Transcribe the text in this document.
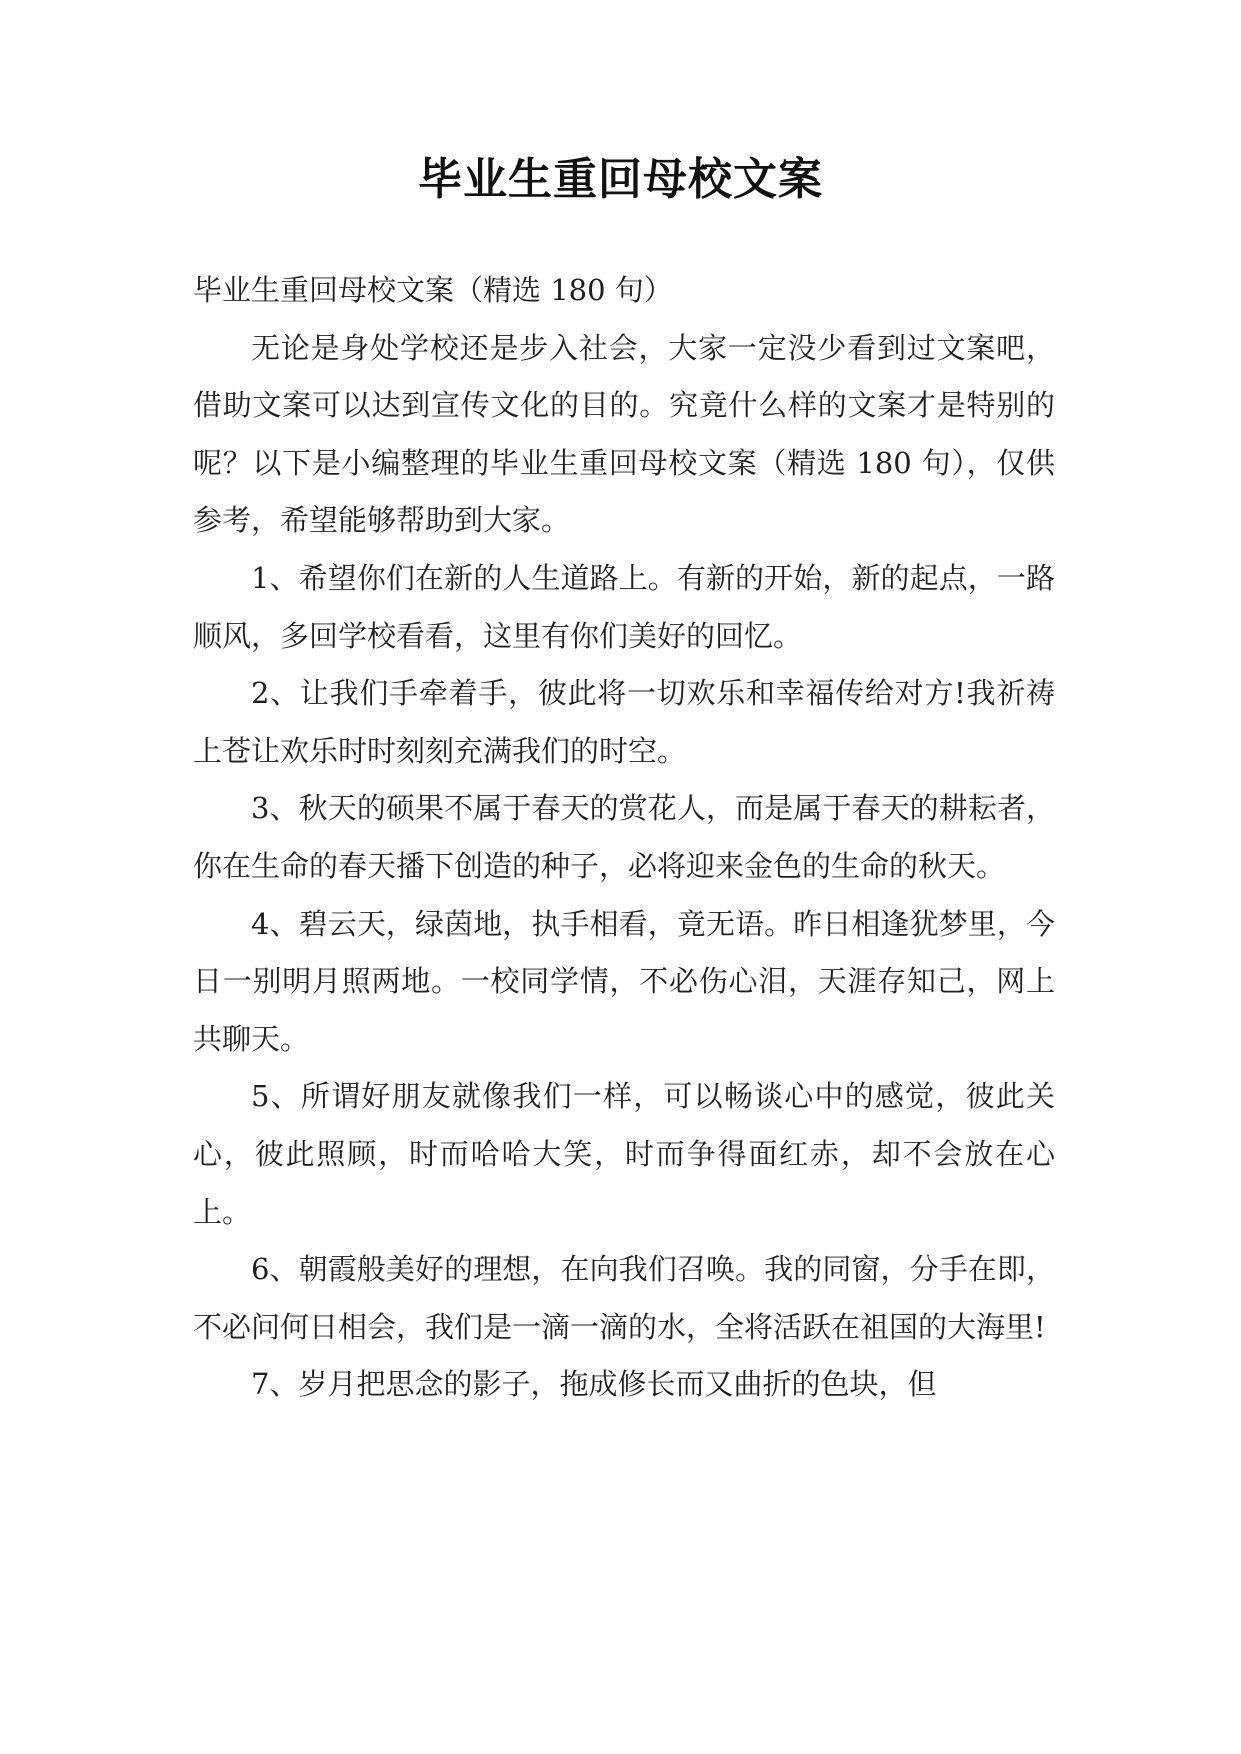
毕业生重回母校文案

毕业生重回母校文案（精选 180 句）

无论是身处学校还是步入社会，大家一定没少看到过文案吧，借助文案可以达到宣传文化的目的。究竟什么样的文案才是特别的呢？以下是小编整理的毕业生重回母校文案（精选 180 句），仅供参考，希望能够帮助到大家。

1、希望你们在新的人生道路上。有新的开始，新的起点，一路顺风，多回学校看看，这里有你们美好的回忆。

2、让我们手牵着手，彼此将一切欢乐和幸福传给对方!我祈祷上苍让欢乐时时刻刻充满我们的时空。

3、秋天的硕果不属于春天的赏花人，而是属于春天的耕耘者，你在生命的春天播下创造的种子，必将迎来金色的生命的秋天。

4、碧云天，绿茵地，执手相看，竟无语。昨日相逢犹梦里，今日一别明月照两地。一校同学情，不必伤心泪，天涯存知己，网上共聊天。

5、所谓好朋友就像我们一样，可以畅谈心中的感觉，彼此关心，彼此照顾，时而哈哈大笑，时而争得面红赤，却不会放在心上。

6、朝霞般美好的理想，在向我们召唤。我的同窗，分手在即，不必问何日相会，我们是一滴一滴的水，全将活跃在祖国的大海里!

7、岁月把思念的影子，拖成修长而又曲折的色块，但
